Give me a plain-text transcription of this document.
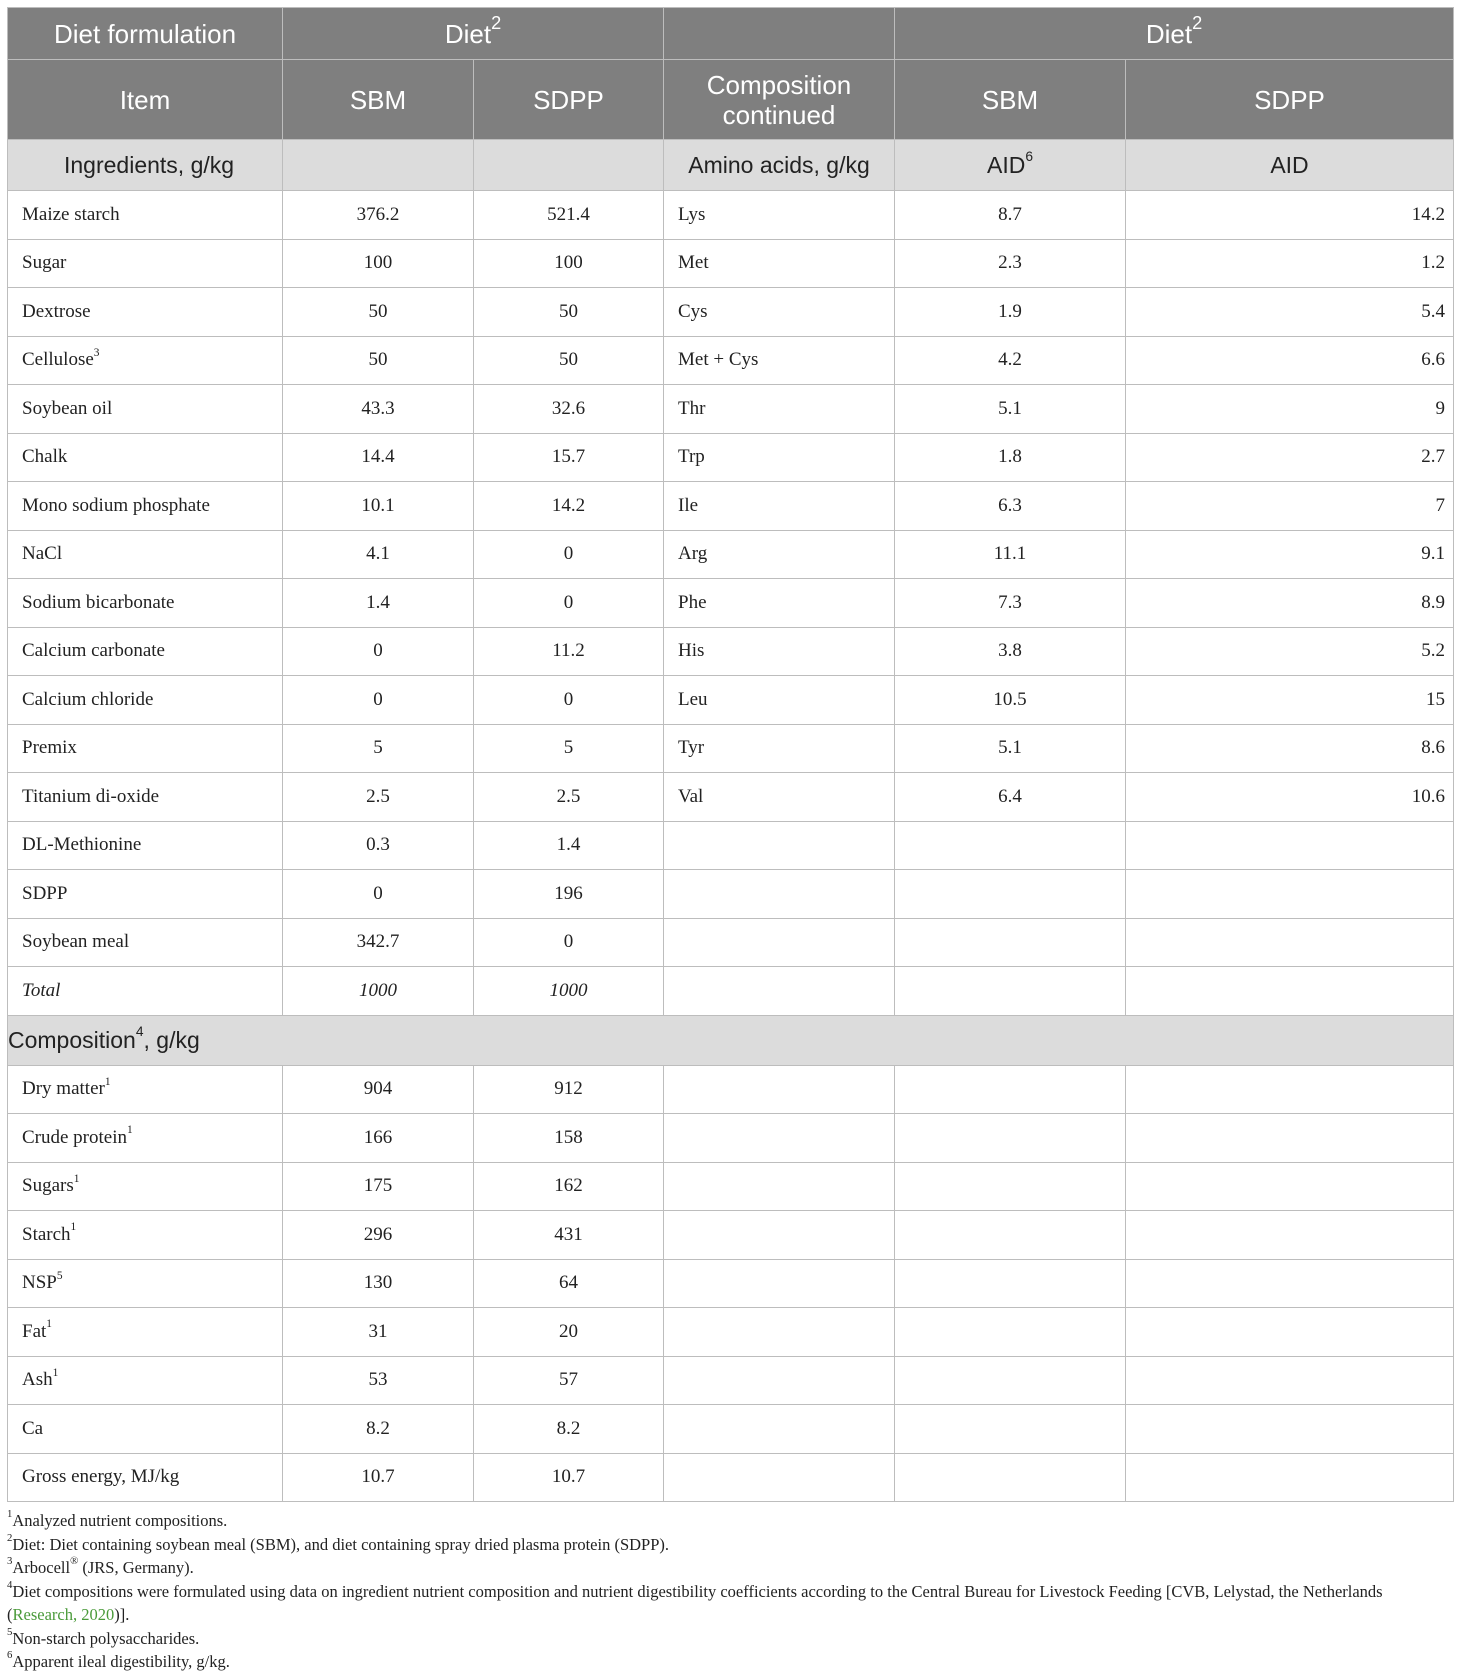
Diet formulation	Diet$^2$			Diet$^2$
Item	SBM	SDPP	Composition continued	SBM	SDPP
Ingredients, g/kg			Amino acids, g/kg	AID$^6$	AID
Maize starch	376.2	521.4	Lys	8.7	14.2
Sugar	100	100	Met	2.3	1.2
Dextrose	50	50	Cys	1.9	5.4
Cellulose$^3$	50	50	Met + Cys	4.2	6.6
Soybean oil	43.3	32.6	Thr	5.1	9
Chalk	14.4	15.7	Trp	1.8	2.7
Mono sodium phosphate	10.1	14.2	Ile	6.3	7
NaCl	4.1	0	Arg	11.1	9.1
Sodium bicarbonate	1.4	0	Phe	7.3	8.9
Calcium carbonate	0	11.2	His	3.8	5.2
Calcium chloride	0	0	Leu	10.5	15
Premix	5	5	Tyr	5.1	8.6
Titanium di-oxide	2.5	2.5	Val	6.4	10.6
DL-Methionine	0.3	1.4			
SDPP	0	196			
Soybean meal	342.7	0			
Total	1000	1000			
Composition$^4$, g/kg					
Dry matter$^1$	904	912			
Crude protein$^1$	166	158			
Sugars$^1$	175	162			
Starch$^1$	296	431			
NSP$^5$	130	64			
Fat$^1$	31	20			
Ash$^1$	53	57			
Ca	8.2	8.2			
Gross energy, MJ/kg	10.7	10.7			

$^1$Analyzed nutrient compositions.

$^2$Diet: Diet containing soybean meal (SBM), and diet containing spray dried plasma protein (SDPP).

$^3$Arbocell® (JRS, Germany).

$^4$Diet compositions were formulated using data on ingredient nutrient composition and nutrient digestibility coefficients according to the Central Bureau for Livestock Feeding [CVB, Lelystad, the Netherlands (Research, 2020)].

$^5$Non-starch polysaccharides.

$^6$Apparent ileal digestibility, g/kg.
